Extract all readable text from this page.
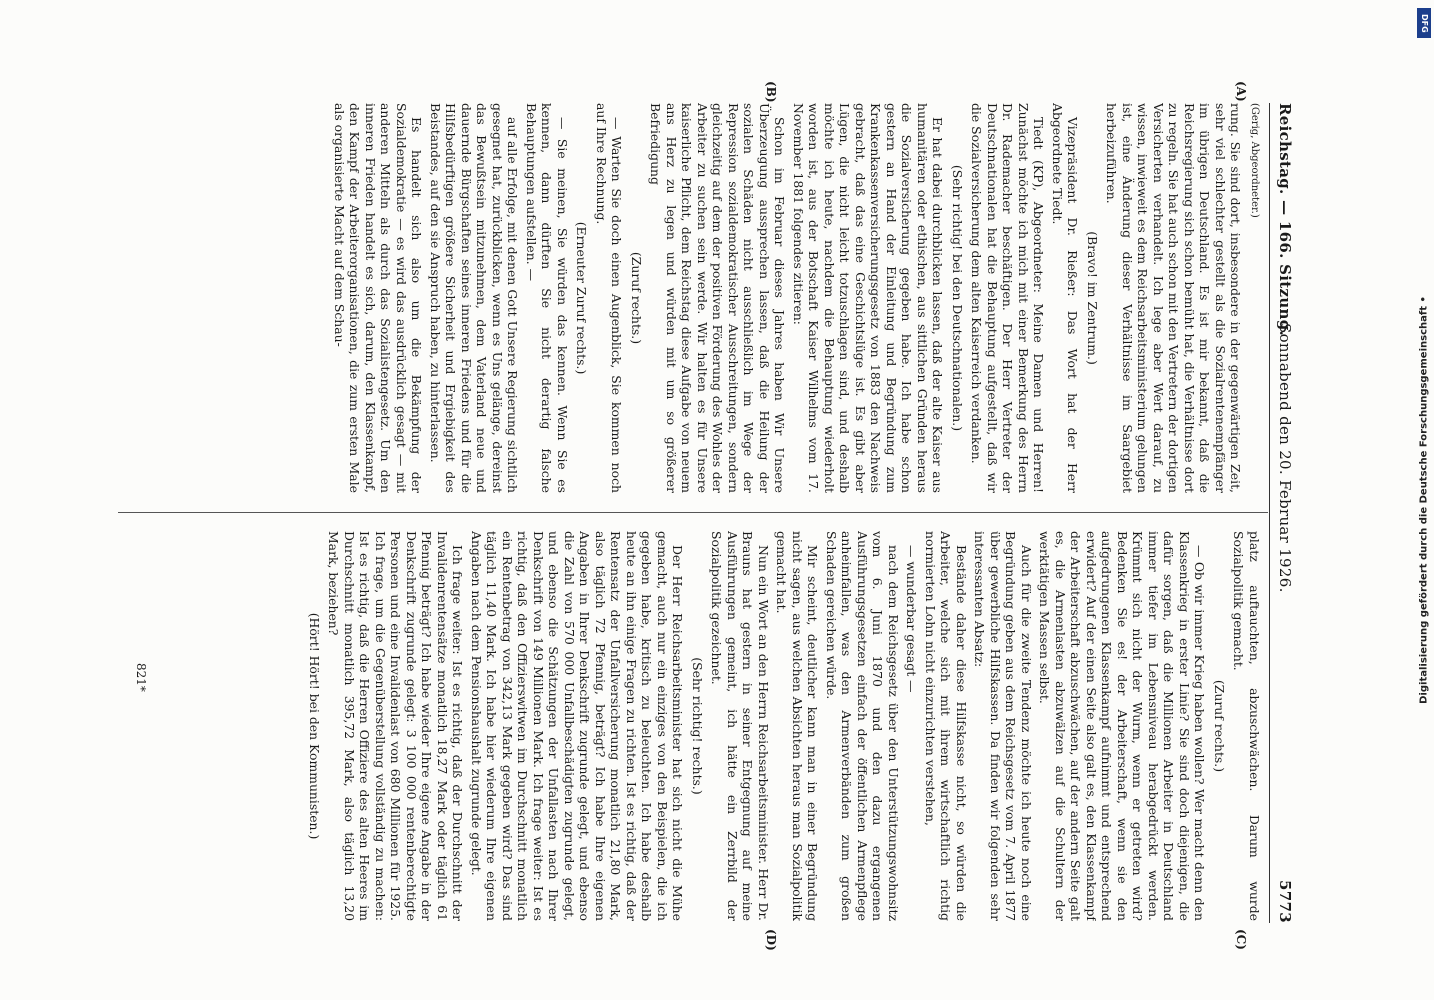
Reichstag. — 166. Sitzung.
Sonnabend den 20. Februar 1926.
5773
(A)
(B)
(C)
(D)

(Gerig, Abgeordneter.)

rung. Sie sind dort, insbesondere in der gegenwärtigen Zeit, sehr viel schlechter gestellt als die Sozialrentenempfänger im übrigen Deutschland. Es ist mir bekannt, daß die Reichsregierung sich schon bemüht hat, die Verhältnisse dort zu regeln. Sie hat auch schon mit den Vertretern der dortigen Versicherten verhandelt. Ich lege aber Wert darauf, zu wissen, inwieweit es dem Reichsarbeitsministerium gelungen ist, eine Änderung dieser Verhältnisse im Saargebiet herbeizuführen.

(Bravo! im Zentrum.)

Vizepräsident Dr. Rießer: Das Wort hat der Herr Abgeordnete Tiedt.

Tiedt (KP), Abgeordneter: Meine Damen und Herren! Zunächst möchte ich mich mit einer Bemerkung des Herrn Dr. Rademacher beschäftigen. Der Herr Vertreter der Deutschnationalen hat die Behauptung aufgestellt, daß wir die Sozialversicherung dem alten Kaiserreich verdanken.

(Sehr richtig! bei den Deutschnationalen.)

Er hat dabei durchblicken lassen, daß der alte Kaiser aus humanitären oder ethischen, aus sittlichen Gründen heraus die Sozialversicherung gegeben habe. Ich habe schon gestern an Hand der Einleitung und Begründung zum Krankenkassenversicherungsgesetz von 1883 den Nachweis gebracht, daß das eine Geschichtslüge ist. Es gibt aber Lügen, die nicht leicht totzuschlagen sind, und deshalb möchte ich heute, nachdem die Behauptung wiederholt worden ist, aus der Botschaft Kaiser Wilhelms vom 17. November 1881 folgendes zitieren:

Schon im Februar dieses Jahres haben Wir Unsere Überzeugung aussprechen lassen, daß die Heilung der sozialen Schäden nicht ausschließlich im Wege der Repression sozialdemokratischer Ausschreitungen, sondern gleichzeitig auf dem der positiven Förderung des Wohles der Arbeiter zu suchen sein werde. Wir halten es für Unsere kaiserliche Pflicht, dem Reichstag diese Aufgabe von neuem ans Herz zu legen und würden mit um so größerer Befriedigung

(Zuruf rechts.)

— Warten Sie doch einen Augenblick, Sie kommen noch auf Ihre Rechnung.

(Erneuter Zuruf rechts.)

— Sie meinen, Sie würden das kennen. Wenn Sie es kennen, dann dürften Sie nicht derartig falsche Behauptungen aufstellen. —

auf alle Erfolge, mit denen Gott Unsere Regierung sichtlich gesegnet hat, zurückblicken, wenn es Uns gelänge, dereinst das Bewußtsein mitzunehmen, dem Vaterland neue und dauernde Bürgschaften seines inneren Friedens und für die Hilfsbedürftigen größere Sicherheit und Ergiebigkeit des Beistandes, auf den sie Anspruch haben, zu hinterlassen.

Es handelt sich also um die Bekämpfung der Sozialdemokratie — es wird das ausdrücklich gesagt — mit anderen Mitteln als durch das Sozialistengesetz. Um den inneren Frieden handelt es sich, darum, den Klassenkampf, den Kampf der Arbeiterorganisationen, die zum ersten Male als organisierte Macht auf dem Schau-

platz auftauchten, abzuschwächen. Darum wurde Sozialpolitik gemacht.

(Zuruf rechts.)

— Ob wir immer Krieg haben wollen? Wer macht denn den Klassenkrieg in erster Linie? Sie sind doch diejenigen, die dafür sorgen, daß die Millionen Arbeiter in Deutschland immer tiefer im Lebensniveau herabgedrückt werden. Krümmt sich nicht der Wurm, wenn er getreten wird? Bedenken Sie es! der Arbeiterschaft, wenn sie den aufgedrungenen Klassenkampf aufnimmt und entsprechend erwidert? Auf der einen Seite also galt es, den Klassenkampf der Arbeiterschaft abzuschwächen, auf der andern Seite galt es, die Armenlasten abzuwälzen auf die Schultern der werktätigen Massen selbst.

Auch für die zweite Tendenz möchte ich heute noch eine Begründung geben aus dem Reichsgesetz vom 7. April 1877 über gewerbliche Hilfskassen. Da finden wir folgenden sehr interessanten Absatz:

Bestände daher diese Hilfskasse nicht, so würden die Arbeiter, welche sich mit ihrem wirtschaftlich richtig normierten Lohn nicht einzurichten verstehen,

— wunderbar gesagt —

nach dem Reichsgesetz über den Unterstützungswohnsitz vom 6. Juni 1870 und den dazu ergangenen Ausführungsgesetzen einfach der öffentlichen Armenpflege anheimfallen, was den Armenverbänden zum großen Schaden gereichen würde.

Mir scheint, deutlicher kann man in einer Begründung nicht sagen, aus welchen Absichten heraus man Sozialpolitik gemacht hat.

Nun ein Wort an den Herrn Reichsarbeitsminister. Herr Dr. Brauns hat gestern in seiner Entgegnung auf meine Ausführungen gemeint, ich hätte ein Zerrbild der Sozialpolitik gezeichnet.

(Sehr richtig! rechts.)

Der Herr Reichsarbeitsminister hat sich nicht die Mühe gemacht, auch nur ein einziges von den Beispielen, die ich gegeben habe, kritisch zu beleuchten. Ich habe deshalb heute an ihn einige Fragen zu richten. Ist es richtig, daß der Rentensatz der Unfallversicherung monatlich 21,80 Mark, also täglich 72 Pfennig, beträgt? Ich habe Ihre eigenen Angaben in Ihrer Denkschrift zugrunde gelegt, und ebenso die Zahl von 570 000 Unfallbeschädigten zugrunde gelegt, und ebenso die Schätzungen der Unfallasten nach Ihrer Denkschrift von 149 Millionen Mark. Ich frage weiter: Ist es richtig, daß den Offizierswitwen im Durchschnitt monatlich ein Rentenbetrag von 342,13 Mark gegeben wird? Das sind täglich 11,40 Mark. Ich habe hier wiederum Ihre eigenen Angaben nach dem Pensionshaushalt zugrunde gelegt.

Ich frage weiter: Ist es richtig, daß der Durchschnitt der Invalidenrentensätze monatlich 18,27 Mark oder täglich 61 Pfennig beträgt? Ich habe wieder Ihre eigene Angabe in der Denkschrift zugrunde gelegt: 3 100 000 rentenberechtigte Personen und eine Invalidenlast von 680 Millionen für 1925. Ich frage, um die Gegenüberstellung vollständig zu machen: Ist es richtig, daß die Herren Offiziere des alten Heeres im Durchschnitt monatlich 395,72 Mark, also täglich 13,20 Mark, beziehen?

(Hört! Hört! bei den Kommunisten.)

821*
DFG
Digitalisierung gefördert durch die Deutsche Forschungsgemeinschaft •
